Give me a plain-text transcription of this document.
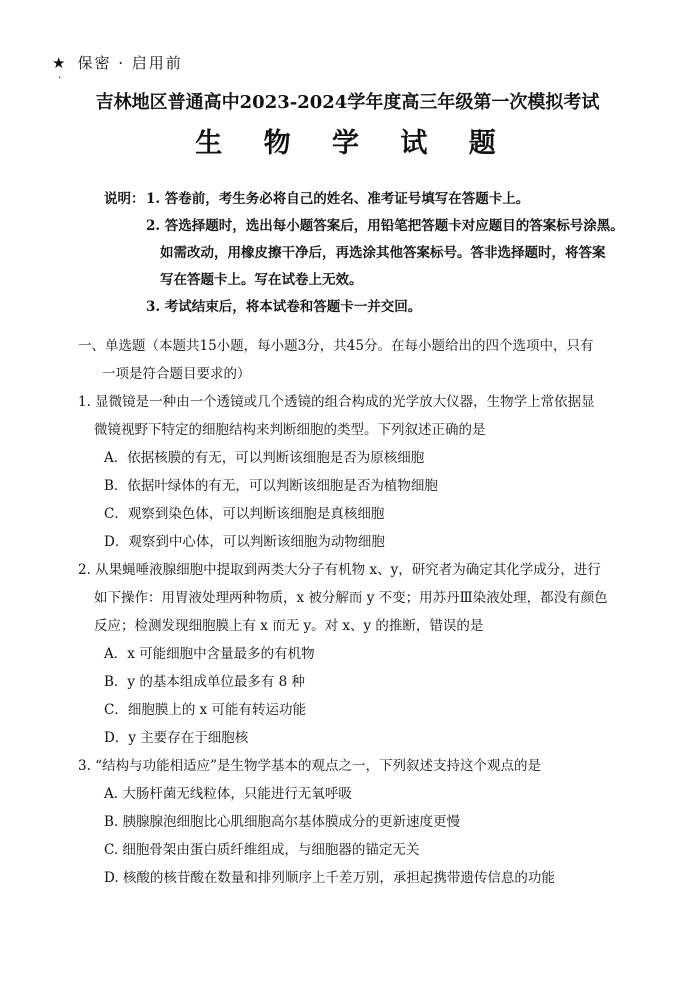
★ 保密 · 启用前
·
吉林地区普通高中2023-2024学年度高三年级第一次模拟考试
生 物 学 试 题
说明： 1. 答卷前，考生务必将自己的姓名、准考证号填写在答题卡上。
2. 答选择题时，选出每小题答案后，用铅笔把答题卡对应题目的答案标号涂黑。
如需改动，用橡皮擦干净后，再选涂其他答案标号。答非选择题时，将答案
写在答题卡上。写在试卷上无效。
3. 考试结束后，将本试卷和答题卡一并交回。
一、单选题（本题共15小题，每小题3分，共45分。在每小题给出的四个选项中，只有
一项是符合题目要求的）
1. 显微镜是一种由一个透镜或几个透镜的组合构成的光学放大仪器，生物学上常依据显
微镜视野下特定的细胞结构来判断细胞的类型。下列叙述正确的是
A．依据核膜的有无，可以判断该细胞是否为原核细胞
B．依据叶绿体的有无，可以判断该细胞是否为植物细胞
C．观察到染色体，可以判断该细胞是真核细胞
D．观察到中心体，可以判断该细胞为动物细胞
2. 从果蝇唾液腺细胞中提取到两类大分子有机物 x、y，研究者为确定其化学成分，进行
如下操作：用胃液处理两种物质，x 被分解而 y 不变；用苏丹Ⅲ染液处理，都没有颜色
反应；检测发现细胞膜上有 x 而无 y。对 x、y 的推断，错误的是
A．x 可能细胞中含量最多的有机物
B．y 的基本组成单位最多有 8 种
C．细胞膜上的 x 可能有转运功能
D．y 主要存在于细胞核
3. “结构与功能相适应”是生物学基本的观点之一，下列叙述支持这个观点的是
A. 大肠杆菌无线粒体，只能进行无氧呼吸
B. 胰腺腺泡细胞比心肌细胞高尔基体膜成分的更新速度更慢
C. 细胞骨架由蛋白质纤维组成，与细胞器的锚定无关
D. 核酸的核苷酸在数量和排列顺序上千差万别，承担起携带遗传信息的功能
